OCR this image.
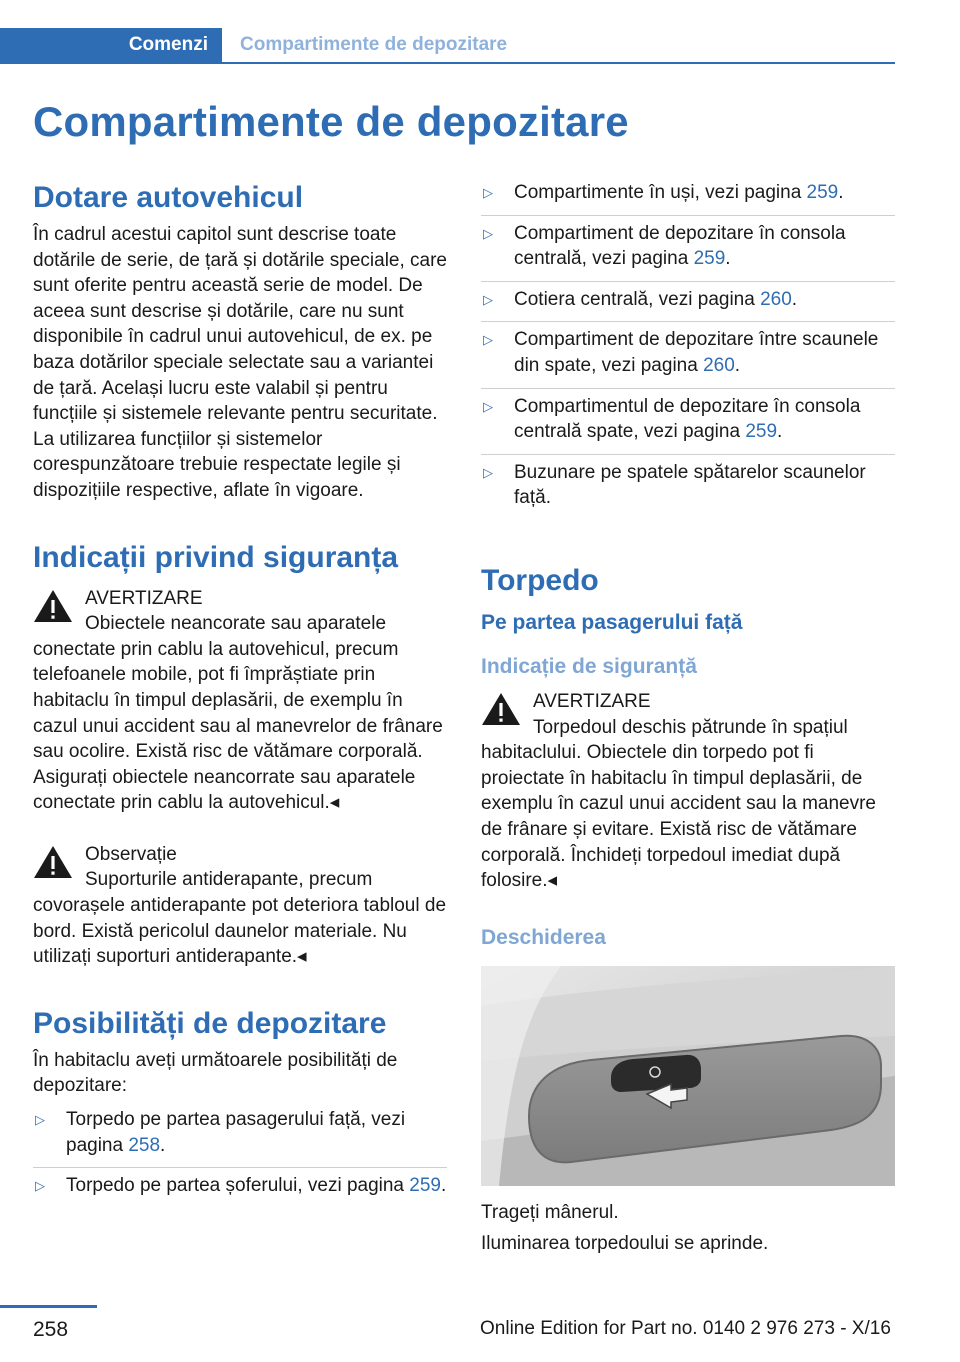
Comenzi	Compartimente de depozitare
Compartimente de depozitare
Dotare autovehicul

În cadrul acestui capitol sunt descrise toate dotările de serie, de țară și dotările speciale, care sunt oferite pentru această serie de model. De aceea sunt descrise și dotările, care nu sunt disponibile în cadrul unui autovehicul, de ex. pe baza dotărilor speciale selectate sau a variantei de țară. Același lucru este valabil și pentru funcțiile și sistemele relevante pentru securitate. La utilizarea funcțiilor și sistemelor corespunzătoare trebuie respectate legile și dispozițiile respective, aflate în vigoare.

Indicații privind siguranța
AVERTIZARE
Obiectele neancorate sau aparatele conectate prin cablu la autovehicul, precum telefoanele mobile, pot fi împrăștiate prin habitaclu în timpul deplasării, de exemplu în cazul unui accident sau al manevrelor de frânare sau ocolire. Există risc de vătămare corporală. Asigurați obiectele neancorrate sau aparatele conectate prin cablu la autovehicul.◂
Observație
Suporturile antiderapante, precum covorașele antiderapante pot deteriora tabloul de bord. Există pericolul daunelor materiale. Nu utilizați suporturi antiderapante.◂
Posibilități de depozitare

În habitaclu aveți următoarele posibilități de depozitare:

▷ Torpedo pe partea pasagerului față, vezi pagina 258.
▷ Torpedo pe partea șoferului, vezi pagina 259.
▷ Compartimente în uși, vezi pagina 259.
▷ Compartiment de depozitare în consola centrală, vezi pagina 259.
▷ Cotiera centrală, vezi pagina 260.
▷ Compartiment de depozitare între scaunele din spate, vezi pagina 260.
▷ Compartimentul de depozitare în consola centrală spate, vezi pagina 259.
▷ Buzunare pe spatele spătarelor scaunelor față.
Torpedo
Pe partea pasagerului față
Indicație de siguranță
AVERTIZARE
Torpedoul deschis pătrunde în spațiul habitaclului. Obiectele din torpedo pot fi proiectate în habitaclu în timpul deplasării, de exemplu în cazul unui accident sau la manevre de frânare și evitare. Există risc de vătămare corporală. Închideți torpedoul imediat după folosire.◂
Deschiderea

Trageți mânerul.

Iluminarea torpedoului se aprinde.

258	Online Edition for Part no. 0140 2 976 273 - X/16
